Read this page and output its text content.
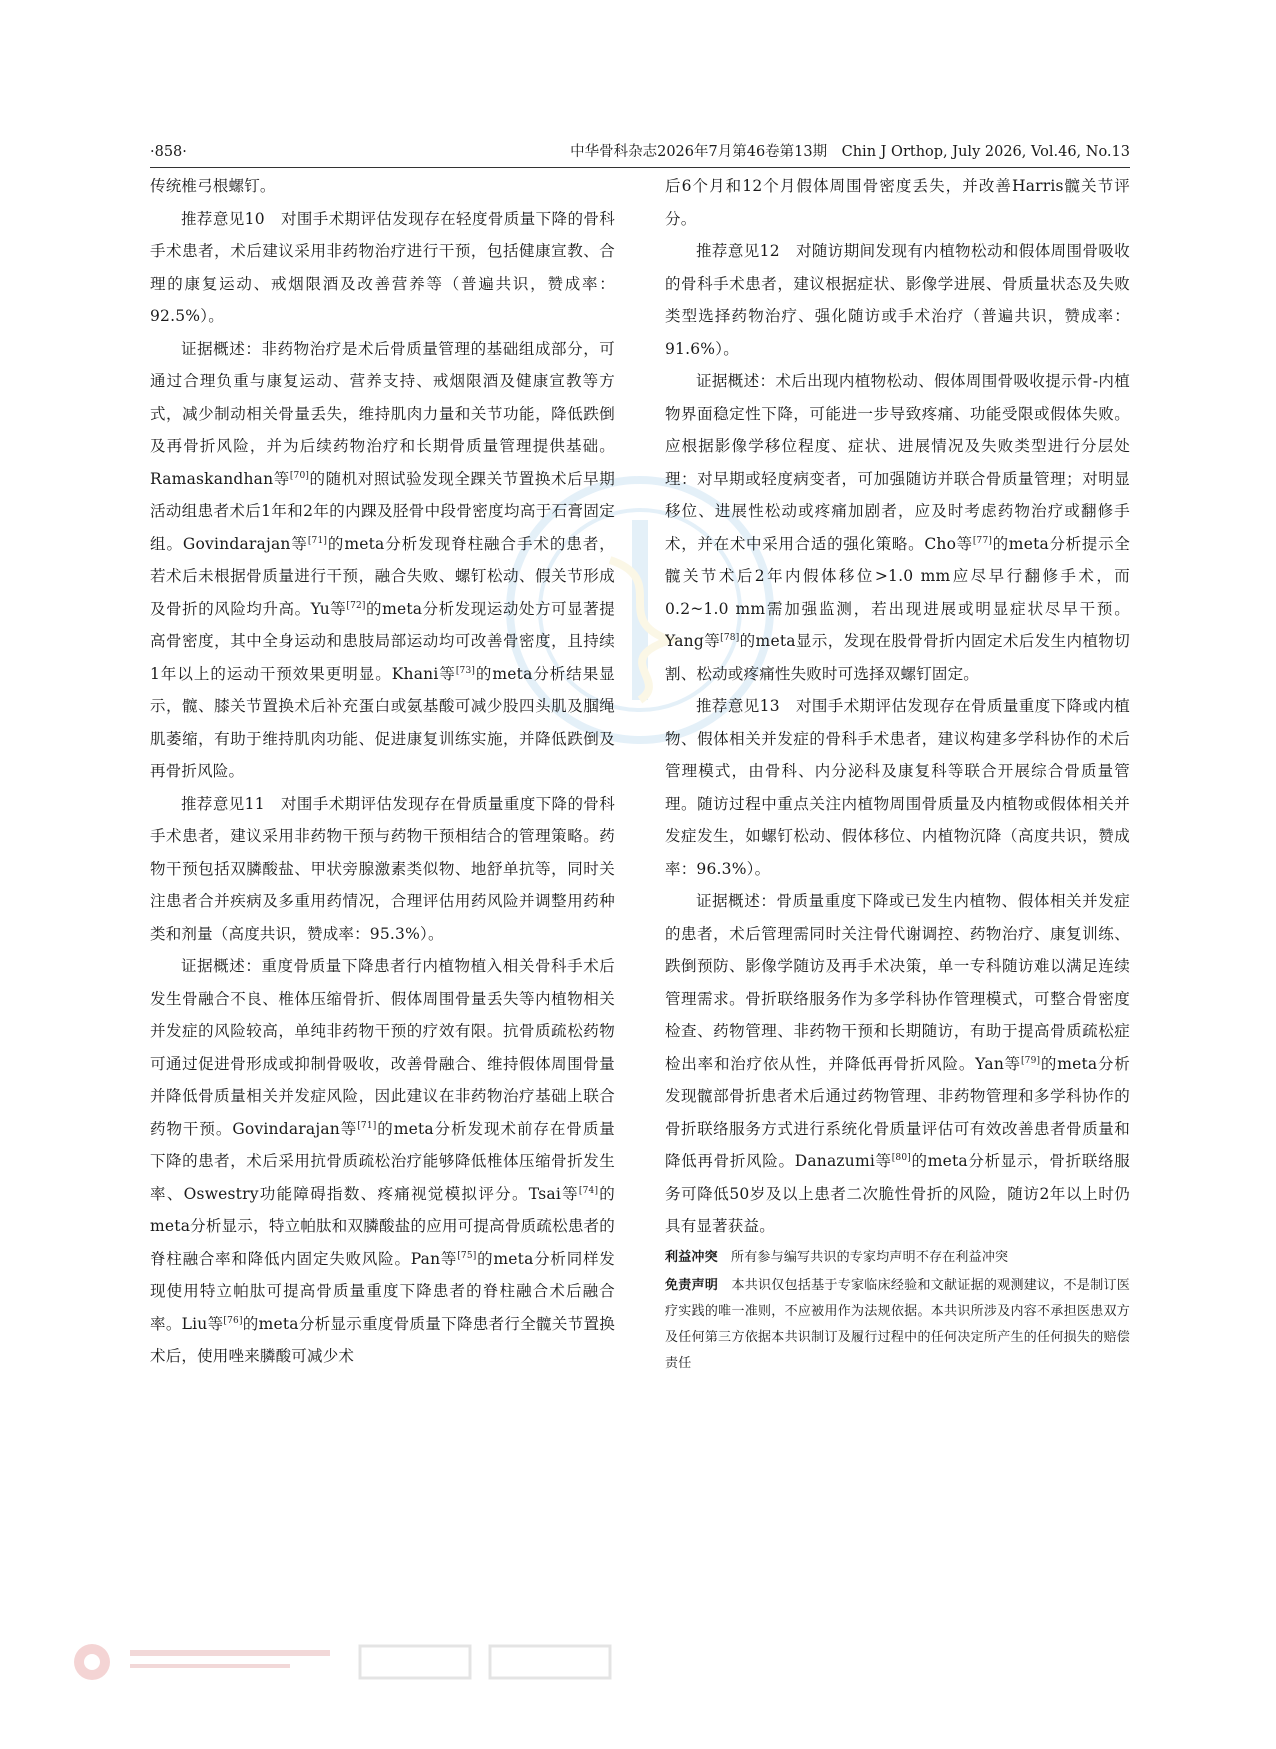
·858·	中华骨科杂志2026年7月第46卷第13期　Chin J Orthop, July 2026, Vol.46, No.13

传统椎弓根螺钉。

推荐意见10　对围手术期评估发现存在轻度骨质量下降的骨科手术患者，术后建议采用非药物治疗进行干预，包括健康宣教、合理的康复运动、戒烟限酒及改善营养等（普遍共识，赞成率：92.5%）。

证据概述：非药物治疗是术后骨质量管理的基础组成部分，可通过合理负重与康复运动、营养支持、戒烟限酒及健康宣教等方式，减少制动相关骨量丢失，维持肌肉力量和关节功能，降低跌倒及再骨折风险，并为后续药物治疗和长期骨质量管理提供基础。Ramaskandhan等[70]的随机对照试验发现全踝关节置换术后早期活动组患者术后1年和2年的内踝及胫骨中段骨密度均高于石膏固定组。Govindarajan等[71]的meta分析发现脊柱融合手术的患者，若术后未根据骨质量进行干预，融合失败、螺钉松动、假关节形成及骨折的风险均升高。Yu等[72]的meta分析发现运动处方可显著提高骨密度，其中全身运动和患肢局部运动均可改善骨密度，且持续1年以上的运动干预效果更明显。Khani等[73]的meta分析结果显示，髋、膝关节置换术后补充蛋白或氨基酸可减少股四头肌及腘绳肌萎缩，有助于维持肌肉功能、促进康复训练实施，并降低跌倒及再骨折风险。

推荐意见11　对围手术期评估发现存在骨质量重度下降的骨科手术患者，建议采用非药物干预与药物干预相结合的管理策略。药物干预包括双膦酸盐、甲状旁腺激素类似物、地舒单抗等，同时关注患者合并疾病及多重用药情况，合理评估用药风险并调整用药种类和剂量（高度共识，赞成率：95.3%）。

证据概述：重度骨质量下降患者行内植物植入相关骨科手术后发生骨融合不良、椎体压缩骨折、假体周围骨量丢失等内植物相关并发症的风险较高，单纯非药物干预的疗效有限。抗骨质疏松药物可通过促进骨形成或抑制骨吸收，改善骨融合、维持假体周围骨量并降低骨质量相关并发症风险，因此建议在非药物治疗基础上联合药物干预。Govindarajan等[71]的meta分析发现术前存在骨质量下降的患者，术后采用抗骨质疏松治疗能够降低椎体压缩骨折发生率、Oswestry功能障碍指数、疼痛视觉模拟评分。Tsai等[74]的meta分析显示，特立帕肽和双膦酸盐的应用可提高骨质疏松患者的脊柱融合率和降低内固定失败风险。Pan等[75]的meta分析同样发现使用特立帕肽可提高骨质量重度下降患者的脊柱融合术后融合率。Liu等[76]的meta分析显示重度骨质量下降患者行全髋关节置换术后，使用唑来膦酸可减少术

后6个月和12个月假体周围骨密度丢失，并改善Harris髋关节评分。

推荐意见12　对随访期间发现有内植物松动和假体周围骨吸收的骨科手术患者，建议根据症状、影像学进展、骨质量状态及失败类型选择药物治疗、强化随访或手术治疗（普遍共识，赞成率：91.6%）。

证据概述：术后出现内植物松动、假体周围骨吸收提示骨-内植物界面稳定性下降，可能进一步导致疼痛、功能受限或假体失败。应根据影像学移位程度、症状、进展情况及失败类型进行分层处理：对早期或轻度病变者，可加强随访并联合骨质量管理；对明显移位、进展性松动或疼痛加剧者，应及时考虑药物治疗或翻修手术，并在术中采用合适的强化策略。Cho等[77]的meta分析提示全髋关节术后2年内假体移位>1.0 mm应尽早行翻修手术，而0.2~1.0 mm需加强监测，若出现进展或明显症状尽早干预。Yang等[78]的meta显示，发现在股骨骨折内固定术后发生内植物切割、松动或疼痛性失败时可选择双螺钉固定。

推荐意见13　对围手术期评估发现存在骨质量重度下降或内植物、假体相关并发症的骨科手术患者，建议构建多学科协作的术后管理模式，由骨科、内分泌科及康复科等联合开展综合骨质量管理。随访过程中重点关注内植物周围骨质量及内植物或假体相关并发症发生，如螺钉松动、假体移位、内植物沉降（高度共识，赞成率：96.3%）。

证据概述：骨质量重度下降或已发生内植物、假体相关并发症的患者，术后管理需同时关注骨代谢调控、药物治疗、康复训练、跌倒预防、影像学随访及再手术决策，单一专科随访难以满足连续管理需求。骨折联络服务作为多学科协作管理模式，可整合骨密度检查、药物管理、非药物干预和长期随访，有助于提高骨质疏松症检出率和治疗依从性，并降低再骨折风险。Yan等[79]的meta分析发现髋部骨折患者术后通过药物管理、非药物管理和多学科协作的骨折联络服务方式进行系统化骨质量评估可有效改善患者骨质量和降低再骨折风险。Danazumi等[80]的meta分析显示，骨折联络服务可降低50岁及以上患者二次脆性骨折的风险，随访2年以上时仍具有显著获益。

利益冲突　所有参与编写共识的专家均声明不存在利益冲突

免责声明　本共识仅包括基于专家临床经验和文献证据的观测建议，不是制订医疗实践的唯一准则，不应被用作为法规依据。本共识所涉及内容不承担医患双方及任何第三方依据本共识制订及履行过程中的任何决定所产生的任何损失的赔偿责任
